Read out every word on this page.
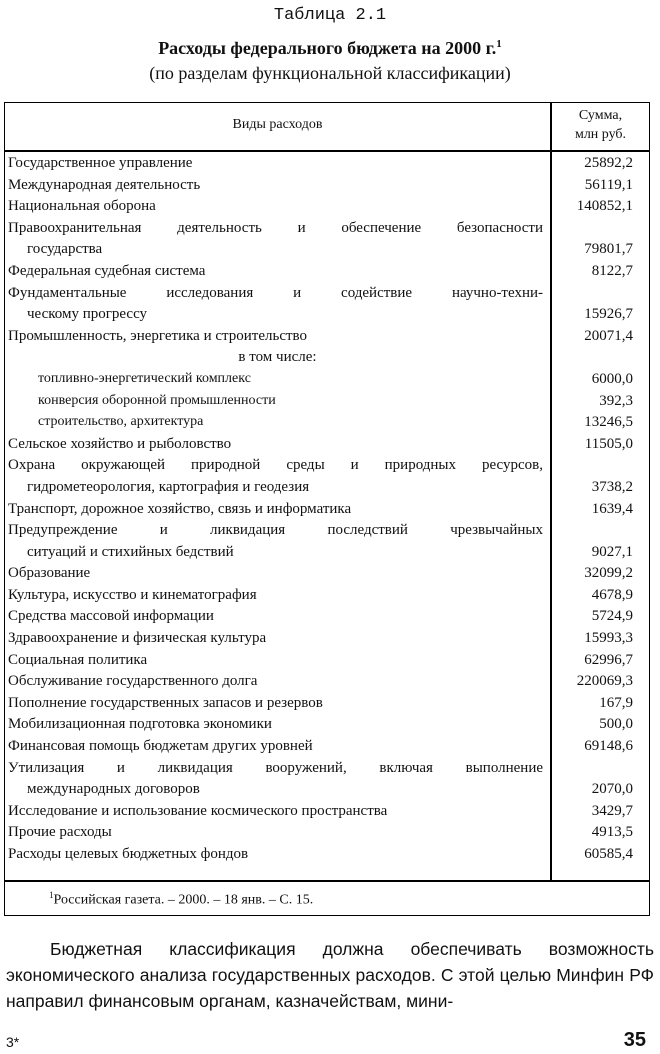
Таблица 2.1
Расходы федерального бюджета на 2000 г.$^1$
(по разделам функциональной классификации)
Виды расходов
Сумма,
млн руб.
Государственное управление	25892,2
Международная деятельность	56119,1
Национальная оборона	140852,1
Правоохранительная деятельность и обеспечение безопасности
государства	79801,7
Федеральная судебная система	8122,7
Фундаментальные исследования и содействие научно-техни-
ческому прогрессу	15926,7
Промышленность, энергетика и строительство	20071,4
в том числе:
топливно-энергетический комплекс	6000,0
конверсия оборонной промышленности	392,3
строительство, архитектура	13246,5
Сельское хозяйство и рыболовство	11505,0
Охрана окружающей природной среды и природных ресурсов,
гидрометеорология, картография и геодезия	3738,2
Транспорт, дорожное хозяйство, связь и информатика	1639,4
Предупреждение и ликвидация последствий чрезвычайных
ситуаций и стихийных бедствий	9027,1
Образование	32099,2
Культура, искусство и кинематография	4678,9
Средства массовой информации	5724,9
Здравоохранение и физическая культура	15993,3
Социальная политика	62996,7
Обслуживание государственного долга	220069,3
Пополнение государственных запасов и резервов	167,9
Мобилизационная подготовка экономики	500,0
Финансовая помощь бюджетам других уровней	69148,6
Утилизация и ликвидация вооружений, включая выполнение
международных договоров	2070,0
Исследование и использование космического пространства	3429,7
Прочие расходы	4913,5
Расходы целевых бюджетных фондов	60585,4
$^1$Российская газета. – 2000. – 18 янв. – С. 15.
Бюджетная классификация должна обеспечивать возможность экономического анализа государственных расходов. С этой целью Минфин РФ направил финансовым органам, казначействам, мини-
3*	35
